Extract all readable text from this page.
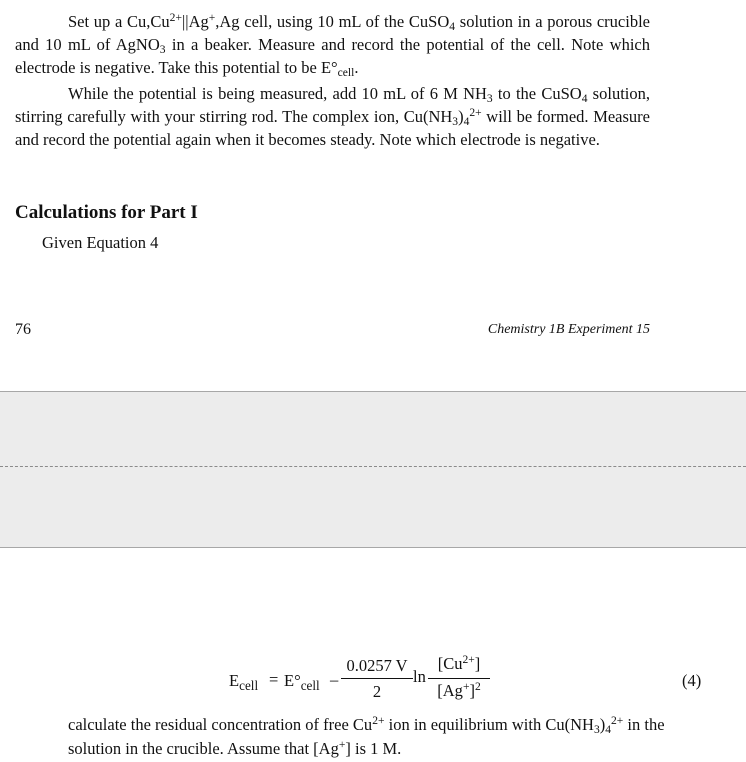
Set up a $Cu,Cu^{2+}||Ag^+,Ag$ cell, using 10 mL of the CuSO$_4$ solution in a porous crucible and 10 mL of AgNO$_3$ in a beaker. Measure and record the potential of the cell. Note which electrode is negative. Take this potential to be $E^\circ_{cell}$.
While the potential is being measured, add 10 mL of 6 M $NH_3$ to the CuSO$_4$ solution, stirring carefully with your stirring rod. The complex ion, $Cu(NH_3)_4^{2+}$ will be formed. Measure and record the potential again when it becomes steady. Note which electrode is negative.
Calculations for Part I
Given Equation 4
76	Chemistry 1B Experiment 15
$E_{cell} = E^\circ_{cell}$ –
0.0257 V
2
ln
$[Cu^{2+}]$
$[Ag^+]^2$	(4)
calculate the residual concentration of free $Cu^{2+}$ ion in equilibrium with $Cu(NH_3)_4^{2+}$ in the solution in the crucible. Assume that [Ag+] is 1 M.
